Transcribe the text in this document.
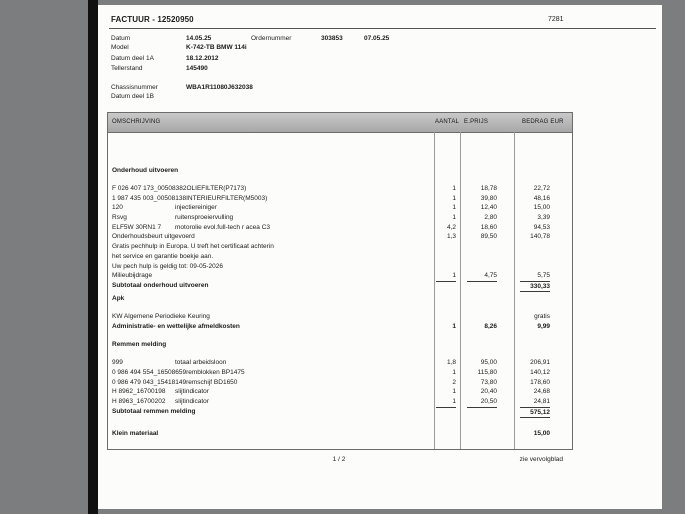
FACTUUR - 12520950	7281
Datum	14.05.25	Ordernummer	303853	07.05.25
Model	K-742-TB BMW 114i
Datum deel 1A	18.12.2012
Tellerstand	145490
Chassisnummer	WBA1R11080J632038
Datum deel 1B
OMSCHRIJVING	AANTAL E.PRIJS	BEDRAG EUR
Onderhoud uitvoeren
F 026 407 173_00508382OLIEFILTER(P7173)	1	18,78	22,72
1 987 435 003_00508138INTERIEURFILTER(M5003)	1	39,80	48,16
120	injectiereiniger	1	12,40	15,00
Rsvg	ruitensproeiervulling	1	2,80	3,39
ELF5W 30RN1 7 motorolie evol.full-tech r acea C3	4,2	18,60	94,53
Onderhoudsbeurt uitgevoerd	1,3	89,50	140,78
Gratis pechhulp in Europa. U treft het certificaat achterin
het service en garantie boekje aan.
Uw pech hulp is geldig tot: 09-05-2026
Milieubijdrage	1	4,75	5,75
Subtotaal onderhoud uitvoeren	330,33
Apk
KW Algemene Periodieke Keuring	gratis
Administratie- en wettelijke afmeldkosten	1	8,26	9,99
Remmen melding
999	totaal arbeidsloon	1,8	95,00	206,91
0 986 494 554_16508659remblokken BP1475	1	115,80	140,12
0 986 479 043_15418149remschijf BD1650	2	73,80	178,60
H 8962_16700198 slijtindicator	1	20,40	24,68
H 8963_16700202 slijtindicator	1	20,50	24,81
Subtotaal remmen melding	575,12
Klein materiaal	15,00
1 / 2	zie vervolgblad
